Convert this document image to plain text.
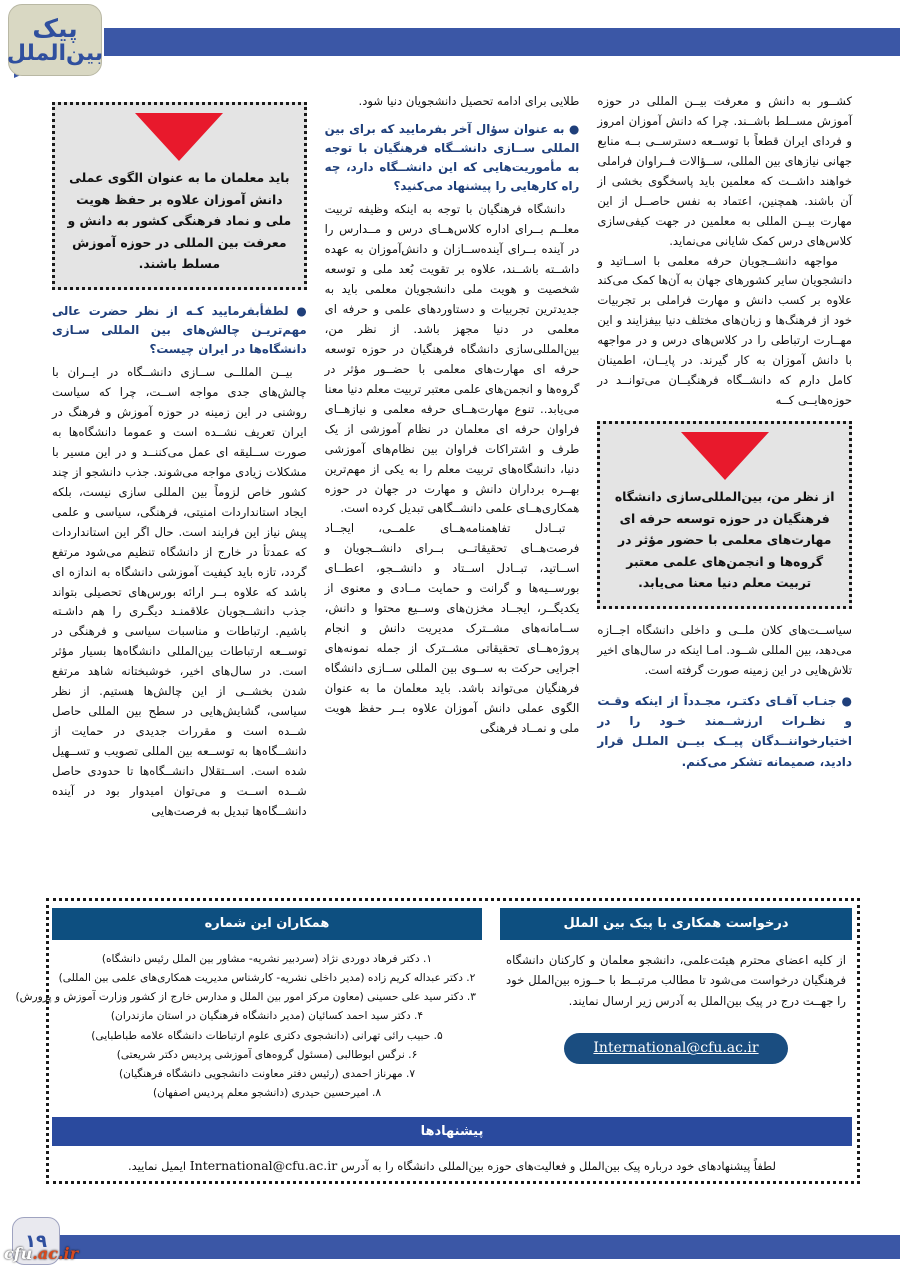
پیک
بین‌الملل
باید معلمان ما به عنوان الگوی عملی دانش آموزان علاوه بر حفظ هویت ملی و نماد فرهنگی کشور به دانش و معرفت بین المللی در حوزه آموزش مسلط باشند.

● لطفأبفرمایید کـه از نظر حضرت عالی مهم‌تریـن چالش‌های بین المللی سـازی دانشگاه‌ها در ایران چیست؟

بیــن المللــی ســازی دانشــگاه در ایــران با چالش‌های جدی مواجه اســت، چرا که سیاست روشنی در این زمینه در حوزه آموزش و فرهنگ در ایران تعریف نشــده است و عموما دانشگاه‌ها به صورت ســلیقه ای عمل می‌کننــد و در این مسیر با مشکلات زیادی مواجه می‌شوند. جذب دانشجو از چند کشور خاص لزوماً بین المللی سازی نیست، بلکه ایجاد استانداردات امنیتی، فرهنگی، سیاسی و علمی پیش نیاز این فرایند است. حال اگر این استانداردات که عمدتأ در خارج از دانشگاه تنظیم می‌شود مرتفع گردد، تازه باید کیفیت آموزشی دانشگاه به اندازه ای باشد که علاوه بــر ارائه بورس‌های تحصیلی بتواند جذب دانشــجویان علاقمنـد دیگـری را هم داشـته باشیم. ارتباطات و مناسبات سیاسی و فرهنگی در توســعه ارتباطات بین‌المللی دانشگاه‌ها بسیار مؤثر است. در سال‌های اخیر، خوشبختانه شاهد مرتفع شدن بخشــی از این چالش‌ها هستیم. از نظر سیاسی، گشایش‌هایی در سطح بین المللی حاصل شــده است و مقررات جدیدی در حمایت از دانشــگاه‌ها به توســعه بین المللی تصویب و تســهیل شده است. اســتقلال دانشــگاه‌ها تا حدودی حاصل شــده اســت و می‌توان امیدوار بود در آینده دانشــگاه‌ها تبدیل به فرصت‌هایی

طلایی برای ادامه تحصیل دانشجویان دنیا شود.

● به عنوان سؤال آخر بفرمایید که برای بین المللی ســازی دانشــگاه فرهنگیان با توجه به مأموریت‌هایی که این دانشــگاه دارد، چه راه کارهایی را پیشنهاد می‌کنید؟

دانشگاه فرهنگیان با توجه به اینکه وظیفه تربیت معلــم بــرای اداره کلاس‌هــای درس و مــدارس را در آینده بــرای آینده‌ســازان و دانش‌آموزان به عهده داشــته باشــند، علاوه بر تقویت بُعد ملی و توسعه شخصیت و هویت ملی دانشجویان معلمی باید به جدیدترین تجربیات و دستاوردهای علمی و حرفه ای معلمی در دنیا مجهز باشد. از نظر من، بین‌المللی‌سازی دانشگاه فرهنگیان در حوزه توسعه حرفه ای مهارت‌های معلمی با حضــور مؤثر در گروه‌ها و انجمن‌های علمی معتبر تربیت معلم دنیا معنا می‌یابد.. تنوع مهارت‌هــای حرفه معلمی و نیازهــای فراوان حرفه ای معلمان در نظام آموزشی از یک طرف و اشتراکات فراوان بین نظام‌های آموزشی دنیا، دانشگاه‌های تربیت معلم را به یکی از مهم‌ترین بهــره برداران دانش و مهارت در جهان در حوزه همکاری‌هــای علمی دانشــگاهی تبدیل کرده است.

تبــادل تفاهمنامه‌هــای علمــی، ایجــاد فرصت‌هــای تحقیقاتــی بــرای دانشــجویان و اســاتید، تبــادل اســتاد و دانشــجو، اعطــای بورســیه‌ها و گرانت و حمایت مــادی و معنوی از یکدیگــر، ایجــاد مخزن‌های وســیع محتوا و دانش، ســامانه‌های مشــترک مدیریت دانش و انجام پروژه‌هــای تحقیقاتی مشــترک از جمله نمونه‌های اجرایی حرکت به ســوی بین المللی ســازی دانشگاه فرهنگیان می‌تواند باشد. باید معلمان ما به عنوان الگوی عملی دانش آموزان علاوه بــر حفظ هویت ملی و نمــاد فرهنگی

کشــور به دانش و معرفت بیــن المللی در حوزه آموزش مســلط باشــند. چرا که دانش آموزان امروز و فردای ایران قطعاً با توســعه دسترســی بــه منابع جهانی نیازهای بین المللی، ســؤالات فــراوان فراملی خواهند داشــت که معلمین باید پاسخگوی بخشی از آن باشند. همچنین، اعتماد به نفس حاصــل از این مهارت بیــن المللی به معلمین در جهت کیفی‌سازی کلاس‌های درس کمک شایانی می‌نماید.

مواجهه دانشــجویان حرفه معلمی با اســاتید و دانشجویان سایر کشورهای جهان به آن‌ها کمک می‌کند علاوه بر کسب دانش و مهارت فراملی بر تجربیات خود از فرهنگ‌ها و زبان‌های مختلف دنیا بیفزایند و این مهــارت ارتباطی را در کلاس‌های درس و در مواجهه با دانش آموزان به کار گیرند. در پایــان، اطمینان کامل دارم که دانشــگاه فرهنگیــان می‌توانــد در حوزه‌هایــی کــه

از نظر من، بین‌المللی‌سازی دانشگاه فرهنگیان در حوزه توسعه حرفه ای مهارت‌های معلمی با حضور مؤثر در گروه‌ها و انجمن‌های علمی معتبر تربیت معلم دنیا معنا می‌یابد.

سیاســت‌های کلان ملــی و داخلی دانشگاه اجــازه می‌دهد، بین المللی شــود. امـا اینکه در سال‌های اخیر تلاش‌هایی در این زمینه صورت گرفته است.

● جنـاب آقـای دکتـر، مجـدداً از اینکه وقـت و نظـرات ارزشــمند خـود را در اختیارخواننــدگان پیــک بیــن الملـل قرار دادید، صمیمانه تشکر می‌کنم.

همکاران این شماره
۱. دکتر فرهاد دوردی نژاد (سردبیر نشریه- مشاور بین الملل رئیس دانشگاه)
۲. دکتر عبداله کریم زاده (مدیر داخلی نشریه- کارشناس مدیریت همکاری‌های علمی بین المللی)
۳. دکتر سید علی حسینی (معاون مرکز امور بین الملل و مدارس خارج از کشور وزارت آموزش و پرورش)
۴. دکتر سید احمد کسائیان (مدیر دانشگاه فرهنگیان در استان مازندران)
۵. حبیب رائی تهرانی (دانشجوی دکتری علوم ارتباطات دانشگاه علامه طباطبایی)
۶. نرگس ابوطالبی (مسئول گروه‌های آموزشی پردیس دکتر شریعتی)
۷. مهرناز احمدی (رئیس دفتر معاونت دانشجویی دانشگاه فرهنگیان)
۸. امیرحسین حیدری (دانشجو معلم پردیس اصفهان)
درخواست همکاری با پیک بین الملل

از کلیه اعضای محترم هیئت‌علمی، دانشجو معلمان و کارکنان دانشگاه فرهنگیان درخواست می‌شود تا مطالب مرتبــط با حــوزه بین‌الملل خود را جهــت درج در پیک بین‌الملل به آدرس زیر ارسال نمایند.

International@cfu.ac.ir
پیشنهادها

لطفاً پیشنهادهای خود درباره پیک بین‌الملل و فعالیت‌های حوزه بین‌المللی دانشگاه را به آدرس International@cfu.ac.ir ایمیل نمایید.

۱۹
cfu.ac.ir
